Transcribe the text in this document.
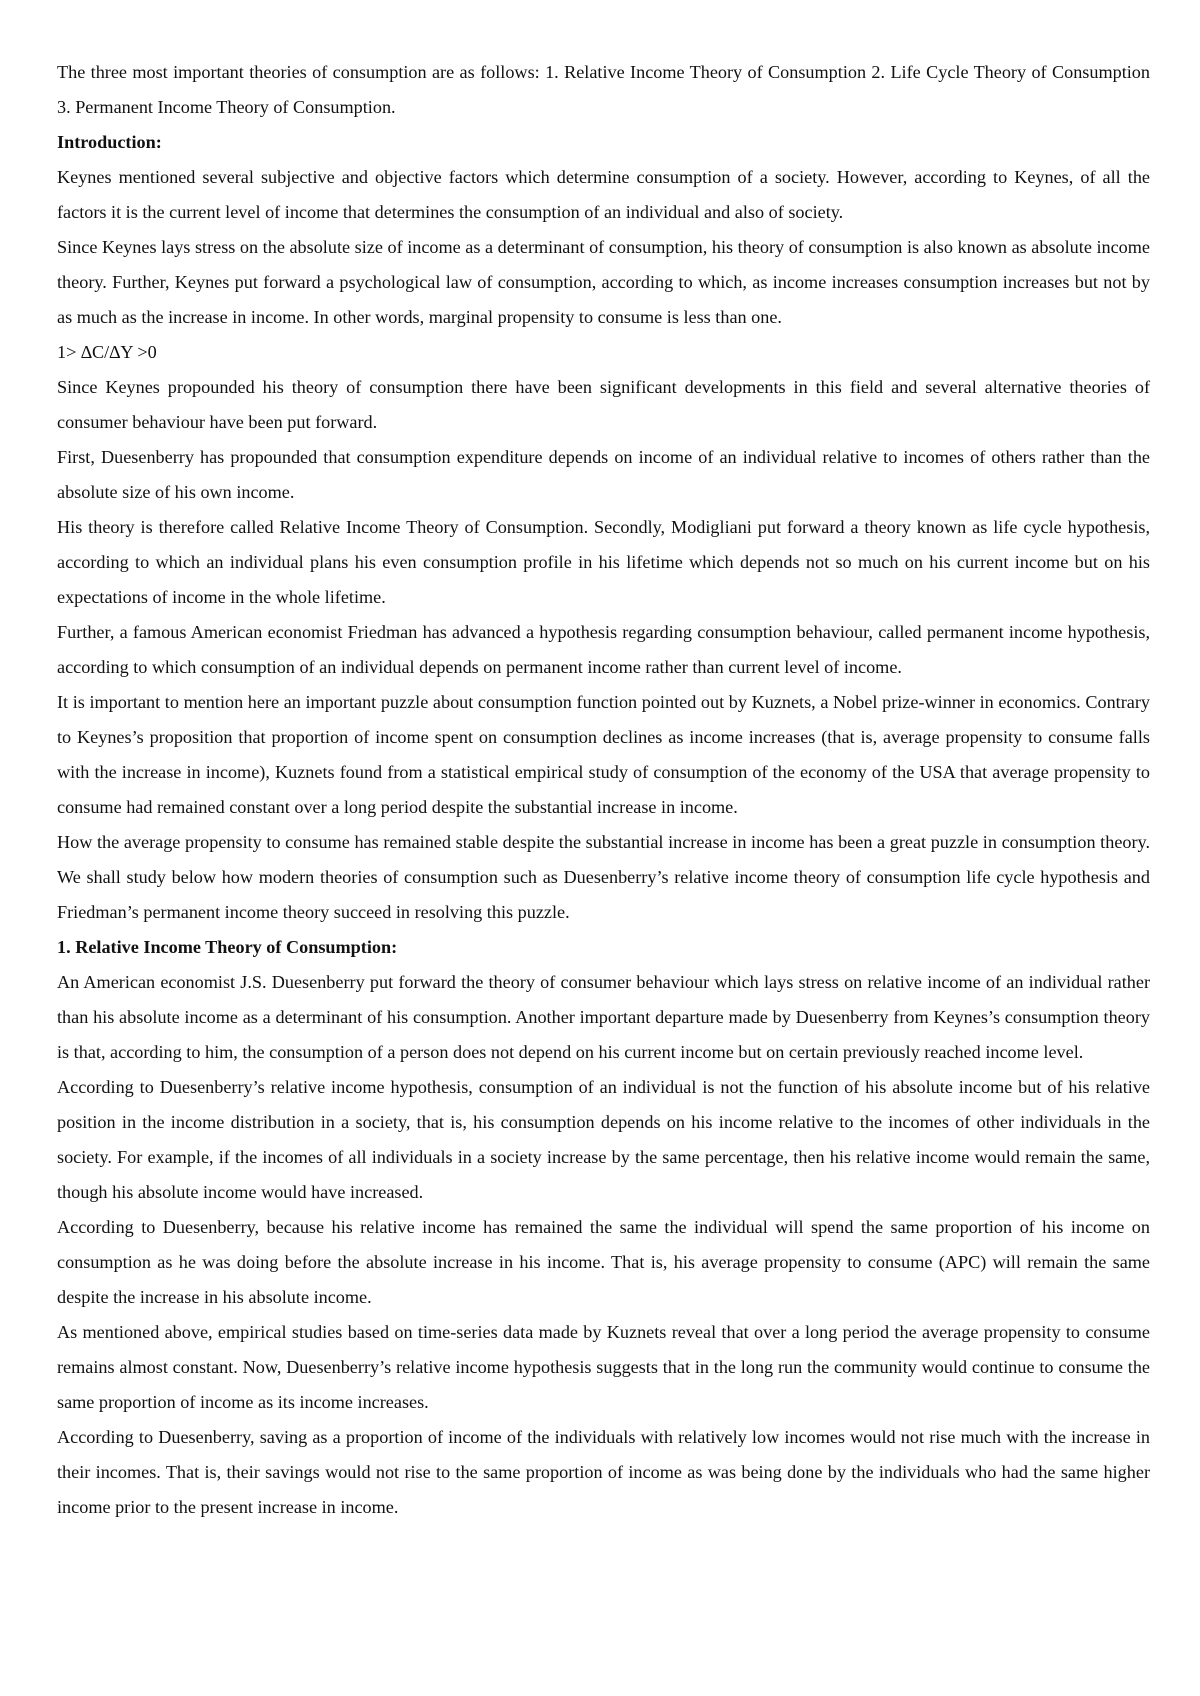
The three most important theories of consumption are as follows: 1. Relative Income Theory of Consumption 2. Life Cycle Theory of Consumption 3. Permanent Income Theory of Consumption.

Introduction:

Keynes mentioned several subjective and objective factors which determine consumption of a society. However, according to Keynes, of all the factors it is the current level of income that determines the consumption of an individual and also of society.

Since Keynes lays stress on the absolute size of income as a determinant of consumption, his theory of consumption is also known as absolute income theory. Further, Keynes put forward a psychological law of consumption, according to which, as income increases consumption increases but not by as much as the increase in income. In other words, marginal propensity to consume is less than one.

1> ∆C/∆Y >0

Since Keynes propounded his theory of consumption there have been significant developments in this field and several alternative theories of consumer behaviour have been put forward.

First, Duesenberry has propounded that consumption expenditure depends on income of an individual relative to incomes of others rather than the absolute size of his own income.

His theory is therefore called Relative Income Theory of Consumption. Secondly, Modigliani put forward a theory known as life cycle hypothesis, according to which an individual plans his even consumption profile in his lifetime which depends not so much on his current income but on his expectations of income in the whole lifetime.

Further, a famous American economist Friedman has advanced a hypothesis regarding consumption behaviour, called permanent income hypothesis, according to which consumption of an individual depends on permanent income rather than current level of income.

It is important to mention here an important puzzle about consumption function pointed out by Kuznets, a Nobel prize-winner in economics. Contrary to Keynes’s proposition that proportion of income spent on consumption declines as income increases (that is, average propensity to consume falls with the increase in income), Kuznets found from a statistical empirical study of consumption of the economy of the USA that average propensity to consume had remained constant over a long period despite the substantial increase in income.

How the average propensity to consume has remained stable despite the substantial increase in income has been a great puzzle in consumption theory. We shall study below how modern theories of consumption such as Duesenberry’s relative income theory of consumption life cycle hypothesis and Friedman’s permanent income theory succeed in resolving this puzzle.

1. Relative Income Theory of Consumption:

An American economist J.S. Duesenberry put forward the theory of consumer behaviour which lays stress on relative income of an individual rather than his absolute income as a determinant of his consumption. Another important departure made by Duesenberry from Keynes’s consumption theory is that, according to him, the consumption of a person does not depend on his current income but on certain previously reached income level.

According to Duesenberry’s relative income hypothesis, consumption of an individual is not the function of his absolute income but of his relative position in the income distribution in a society, that is, his consumption depends on his income relative to the incomes of other individuals in the society. For example, if the incomes of all individuals in a society increase by the same percentage, then his relative income would remain the same, though his absolute income would have increased.

According to Duesenberry, because his relative income has remained the same the individual will spend the same proportion of his income on consumption as he was doing before the absolute increase in his income. That is, his average propensity to consume (APC) will remain the same despite the increase in his absolute income.

As mentioned above, empirical studies based on time-series data made by Kuznets reveal that over a long period the average propensity to consume remains almost constant. Now, Duesenberry’s relative income hypothesis suggests that in the long run the community would continue to consume the same proportion of income as its income increases.

According to Duesenberry, saving as a proportion of income of the individuals with relatively low incomes would not rise much with the increase in their incomes. That is, their savings would not rise to the same proportion of income as was being done by the individuals who had the same higher income prior to the present increase in income.
